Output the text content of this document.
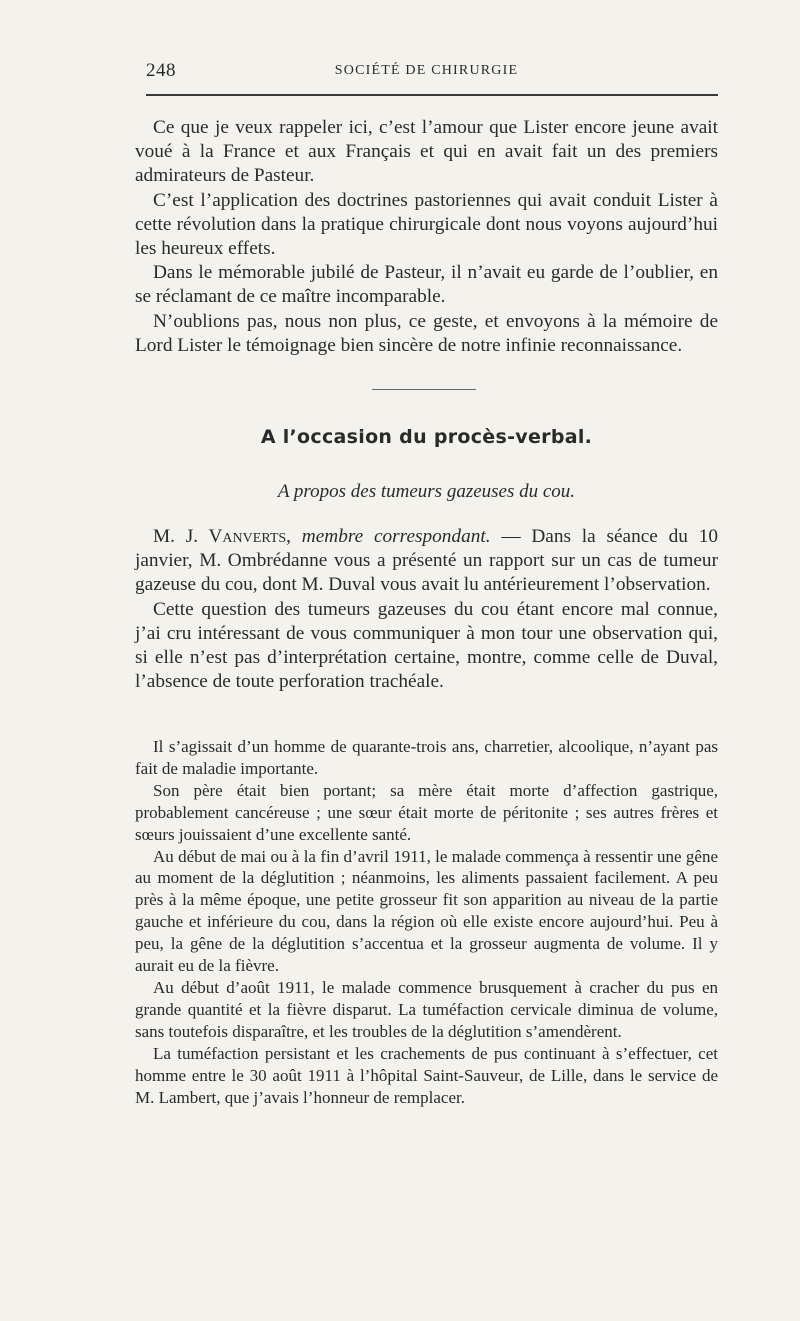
248	SOCIÉTÉ DE CHIRURGIE

Ce que je veux rappeler ici, c’est l’amour que Lister encore jeune avait voué à la France et aux Français et qui en avait fait un des premiers admirateurs de Pasteur.

C’est l’application des doctrines pastoriennes qui avait conduit Lister à cette révolution dans la pratique chirurgicale dont nous voyons aujourd’hui les heureux effets.

Dans le mémorable jubilé de Pasteur, il n’avait eu garde de l’oublier, en se réclamant de ce maître incomparable.

N’oublions pas, nous non plus, ce geste, et envoyons à la mémoire de Lord Lister le témoignage bien sincère de notre infinie reconnaissance.

A l’occasion du procès-verbal.
A propos des tumeurs gazeuses du cou.

M. J. Vanverts, membre correspondant. — Dans la séance du 10 janvier, M. Ombrédanne vous a présenté un rapport sur un cas de tumeur gazeuse du cou, dont M. Duval vous avait lu antérieurement l’observation.

Cette question des tumeurs gazeuses du cou étant encore mal connue, j’ai cru intéressant de vous communiquer à mon tour une observation qui, si elle n’est pas d’interprétation certaine, montre, comme celle de Duval, l’absence de toute perforation trachéale.

Il s’agissait d’un homme de quarante-trois ans, charretier, alcoolique, n’ayant pas fait de maladie importante.

Son père était bien portant; sa mère était morte d’affection gastrique, probablement cancéreuse ; une sœur était morte de péritonite ; ses autres frères et sœurs jouissaient d’une excellente santé.

Au début de mai ou à la fin d’avril 1911, le malade commença à ressentir une gêne au moment de la déglutition ; néanmoins, les aliments passaient facilement. A peu près à la même époque, une petite grosseur fit son apparition au niveau de la partie gauche et inférieure du cou, dans la région où elle existe encore aujourd’hui. Peu à peu, la gêne de la déglutition s’accentua et la grosseur augmenta de volume. Il y aurait eu de la fièvre.

Au début d’août 1911, le malade commence brusquement à cracher du pus en grande quantité et la fièvre disparut. La tuméfaction cervicale diminua de volume, sans toutefois disparaître, et les troubles de la déglutition s’amendèrent.

La tuméfaction persistant et les crachements de pus continuant à s’effectuer, cet homme entre le 30 août 1911 à l’hôpital Saint-Sauveur, de Lille, dans le service de M. Lambert, que j’avais l’honneur de remplacer.
